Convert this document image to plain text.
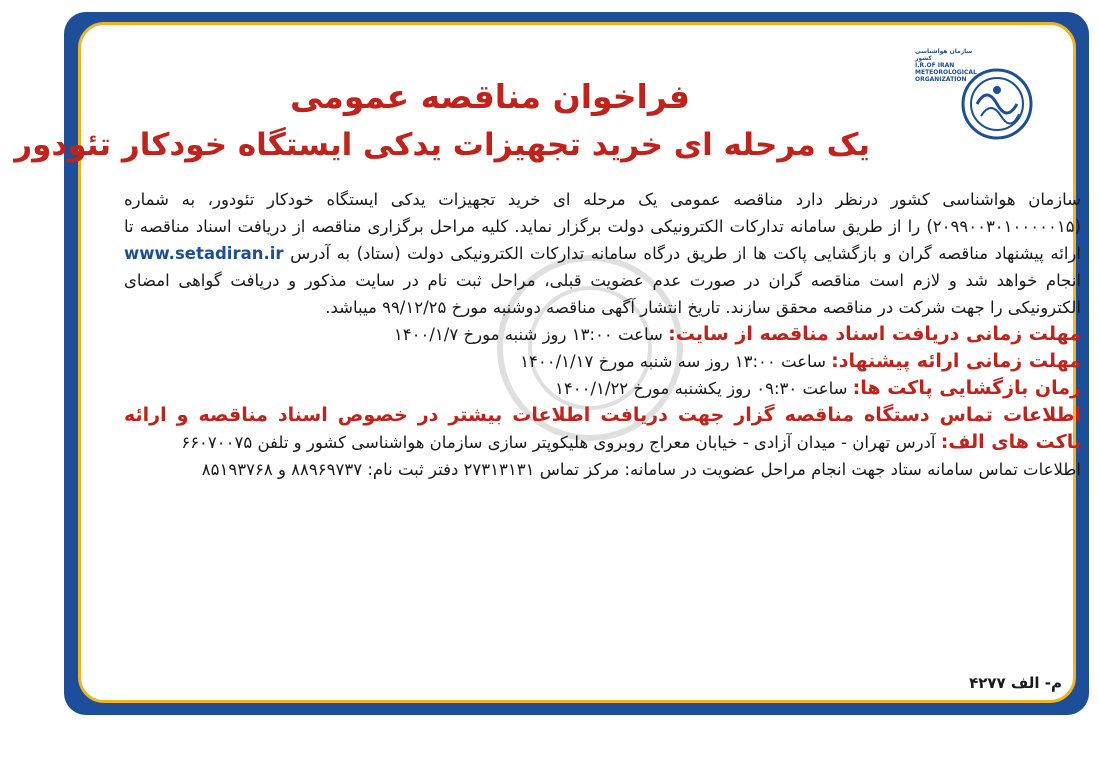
نوبت دوم	سازمان هواشناسی کشور
I.R.OF IRAN
METEOROLOGICAL
ORGANIZATION
فراخوان مناقصه عمومی
یک مرحله ای خرید تجهیزات یدکی ایستگاه خودکار تئودور

سازمان هواشناسی کشور درنظر دارد مناقصه عمومی یک مرحله ای خرید تجهیزات یدکی ایستگاه خودکار تئودور، به شماره (۲۰۹۹۰۰۳۰۱۰۰۰۰۰۱۵) را از طریق سامانه تدارکات الکترونیکی دولت برگزار نماید. کلیه مراحل برگزاری مناقصه از دریافت اسناد مناقصه تا ارائه پیشنهاد مناقصه گران و بازگشایی پاکت ها از طریق درگاه سامانه تدارکات الکترونیکی دولت (ستاد) به آدرس www.setadiran.ir انجام خواهد شد و لازم است مناقصه گران در صورت عدم عضویت قبلی، مراحل ثبت نام در سایت مذکور و دریافت گواهی امضای الکترونیکی را جهت شرکت در مناقصه محقق سازند. تاریخ انتشار آگهی مناقصه دوشنبه مورخ ۹۹/۱۲/۲۵ میباشد.

مهلت زمانی دریافت اسناد مناقصه از سایت: ساعت ۱۳:۰۰ روز شنبه مورخ ۱۴۰۰/۱/۷

مهلت زمانی ارائه پیشنهاد: ساعت ۱۳:۰۰ روز سه شنبه مورخ ۱۴۰۰/۱/۱۷

زمان بازگشایی پاکت ها: ساعت ۰۹:۳۰ روز یکشنبه مورخ ۱۴۰۰/۱/۲۲

اطلاعات تماس دستگاه مناقصه گزار جهت دریافت اطلاعات بیشتر در خصوص اسناد مناقصه و ارائه پاکت های الف: آدرس تهران - میدان آزادی - خیابان معراج روبروی هلیکوپتر سازی سازمان هواشناسی کشور و تلفن ۶۶۰۷۰۰۷۵

اطلاعات تماس سامانه ستاد جهت انجام مراحل عضویت در سامانه: مرکز تماس ۲۷۳۱۳۱۳۱ دفتر ثبت نام: ۸۸۹۶۹۷۳۷ و ۸۵۱۹۳۷۶۸

م- الف ۴۲۷۷
